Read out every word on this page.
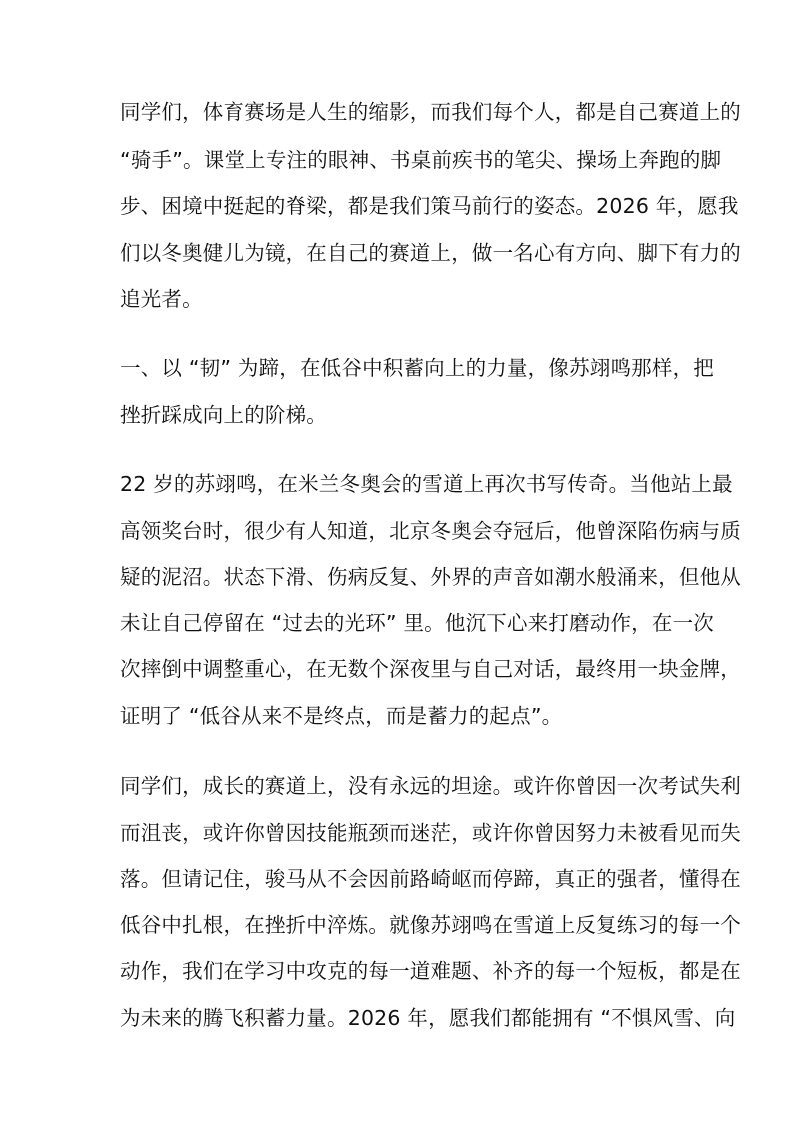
同学们，体育赛场是人生的缩影，而我们每个人，都是自己赛道上的
“骑手”。课堂上专注的眼神、书桌前疾书的笔尖、操场上奔跑的脚
步、困境中挺起的脊梁，都是我们策马前行的姿态。2026 年，愿我
们以冬奥健儿为镜，在自己的赛道上，做一名心有方向、脚下有力的
追光者。
一、以 “韧” 为蹄，在低谷中积蓄向上的力量，像苏翊鸣那样，把
挫折踩成向上的阶梯。
22 岁的苏翊鸣，在米兰冬奥会的雪道上再次书写传奇。当他站上最
高领奖台时，很少有人知道，北京冬奥会夺冠后，他曾深陷伤病与质
疑的泥沼。状态下滑、伤病反复、外界的声音如潮水般涌来，但他从
未让自己停留在 “过去的光环” 里。他沉下心来打磨动作，在一次
次摔倒中调整重心，在无数个深夜里与自己对话，最终用一块金牌，
证明了 “低谷从来不是终点，而是蓄力的起点”。
同学们，成长的赛道上，没有永远的坦途。或许你曾因一次考试失利
而沮丧，或许你曾因技能瓶颈而迷茫，或许你曾因努力未被看见而失
落。但请记住，骏马从不会因前路崎岖而停蹄，真正的强者，懂得在
低谷中扎根，在挫折中淬炼。就像苏翊鸣在雪道上反复练习的每一个
动作，我们在学习中攻克的每一道难题、补齐的每一个短板，都是在
为未来的腾飞积蓄力量。2026 年，愿我们都能拥有 “不惧风雪、向
